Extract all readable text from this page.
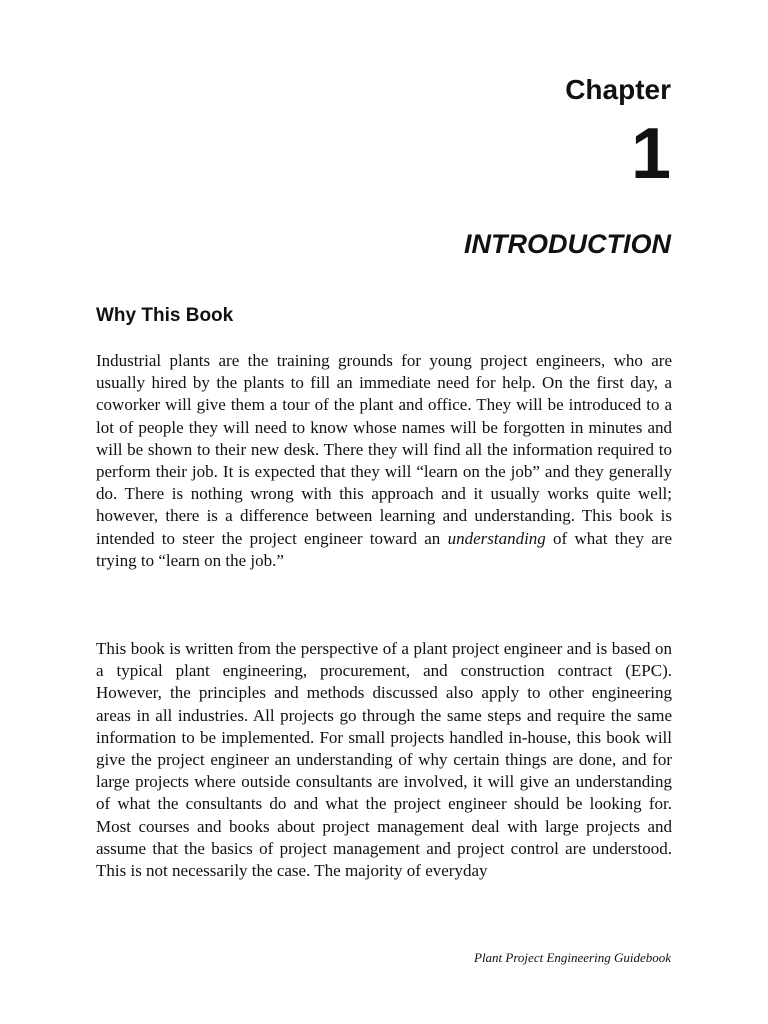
Chapter

1

INTRODUCTION
Why This Book

Industrial plants are the training grounds for young project engineers, who are usually hired by the plants to fill an immediate need for help. On the first day, a coworker will give them a tour of the plant and office. They will be introduced to a lot of people they will need to know whose names will be forgotten in minutes and will be shown to their new desk. There they will find all the information required to perform their job. It is expected that they will “learn on the job” and they generally do. There is nothing wrong with this approach and it usually works quite well; however, there is a difference between learning and understanding. This book is intended to steer the project engineer toward an understanding of what they are trying to “learn on the job.”

This book is written from the perspective of a plant project engineer and is based on a typical plant engineering, procurement, and construction contract (EPC). However, the principles and methods discussed also apply to other engineering areas in all industries. All projects go through the same steps and require the same information to be implemented. For small projects handled in-house, this book will give the project engineer an understanding of why certain things are done, and for large projects where outside consultants are involved, it will give an understanding of what the consultants do and what the project engineer should be looking for. Most courses and books about project management deal with large projects and assume that the basics of project management and project control are understood. This is not necessarily the case. The majority of everyday

Plant Project Engineering Guidebook
